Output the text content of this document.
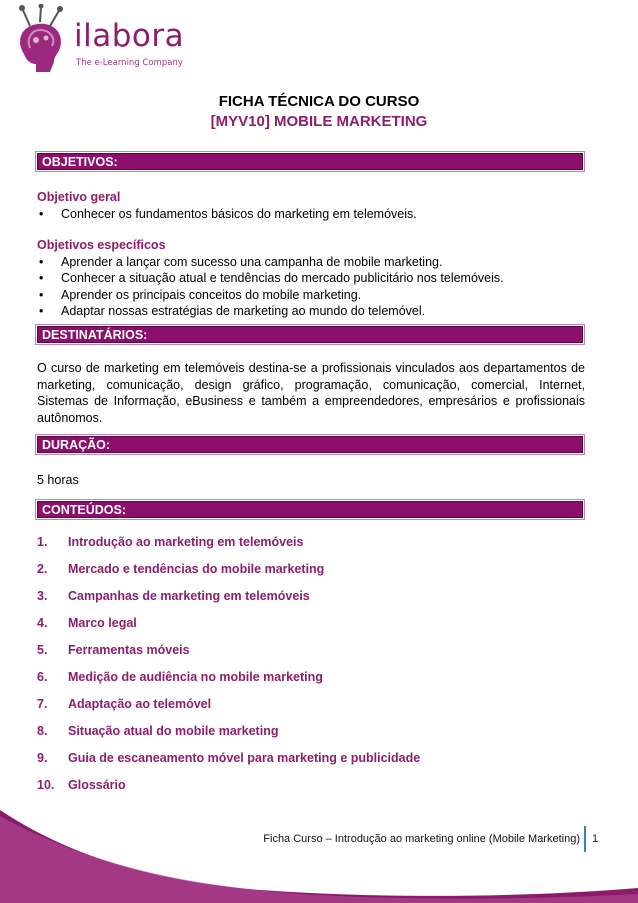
ilabora
The e-Learning Company
FICHA TÉCNICA DO CURSO
[MYV10] MOBILE MARKETING
OBJETIVOS:
Objetivo geral
• Conhecer os fundamentos básicos do marketing em telemóveis.
Objetivos específicos
• Aprender a lançar com sucesso una campanha de mobile marketing.
• Conhecer a situação atual e tendências do mercado publicitário nos telemóveis.
• Aprender os principais conceitos do mobile marketing.
• Adaptar nossas estratégias de marketing ao mundo do telemóvel.
DESTINATÁRIOS:
O curso de marketing em telemóveis destina-se a profissionais vinculados aos departamentos de marketing, comunicação, design gráfico, programação, comunicação, comercial, Internet, Sistemas de Informação, eBusiness e também a empreendedores, empresários e profissionais autônomos.
DURAÇÃO:
5 horas
CONTEÚDOS:
1. Introdução ao marketing em telemóveis
2. Mercado e tendências do mobile marketing
3. Campanhas de marketing em telemóveis
4. Marco legal
5. Ferramentas móveis
6. Medição de audiência no mobile marketing
7. Adaptação ao telemóvel
8. Situação atual do mobile marketing
9. Guia de escaneamento móvel para marketing e publicidade
10. Glossário
Ficha Curso – Introdução ao marketing online (Mobile Marketing) 1
